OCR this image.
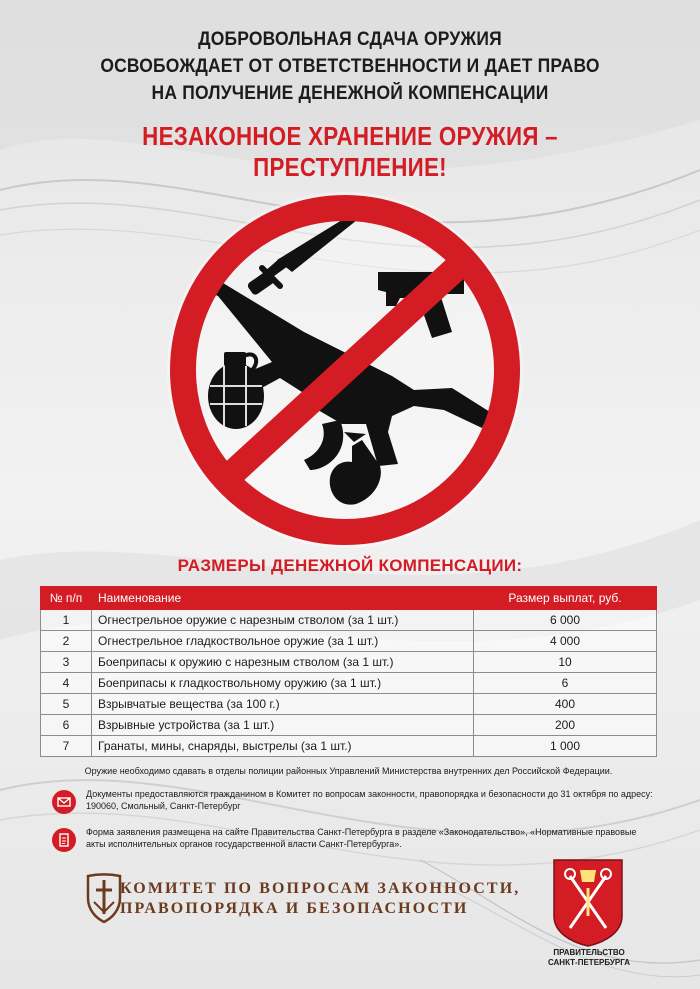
ДОБРОВОЛЬНАЯ СДАЧА ОРУЖИЯ
ОСВОБОЖДАЕТ ОТ ОТВЕТСТВЕННОСТИ И ДАЕТ ПРАВО
НА ПОЛУЧЕНИЕ ДЕНЕЖНОЙ КОМПЕНСАЦИИ
НЕЗАКОННОЕ ХРАНЕНИЕ ОРУЖИЯ – ПРЕСТУПЛЕНИЕ!
РАЗМЕРЫ ДЕНЕЖНОЙ КОМПЕНСАЦИИ:
№ п/п	Наименование	Размер выплат, руб.
1	Огнестрельное оружие с нарезным стволом (за 1 шт.)	6 000
2	Огнестрельное гладкоствольное оружие (за 1 шт.)	4 000
3	Боеприпасы к оружию с нарезным стволом (за 1 шт.)	10
4	Боеприпасы к гладкоствольному оружию (за 1 шт.)	6
5	Взрывчатые вещества (за 100 г.)	400
6	Взрывные устройства (за 1 шт.)	200
7	Гранаты, мины, снаряды, выстрелы (за 1 шт.)	1 000
Оружие необходимо сдавать в отделы полиции районных Управлений Министерства внутренних дел Российской Федерации.
Документы предоставляются гражданином в Комитет по вопросам законности, правопорядка и безопасности до 31 октября по адресу: 190060, Смольный, Санкт-Петербург
Форма заявления размещена на сайте Правительства Санкт-Петербурга в разделе «Законодательство», «Нормативные правовые акты исполнительных органов государственной власти Санкт-Петербурга».
КОМИТЕТ ПО ВОПРОСАМ ЗАКОННОСТИ,
ПРАВОПОРЯДКА И БЕЗОПАСНОСТИ
ПРАВИТЕЛЬСТВО
САНКТ-ПЕТЕРБУРГА
